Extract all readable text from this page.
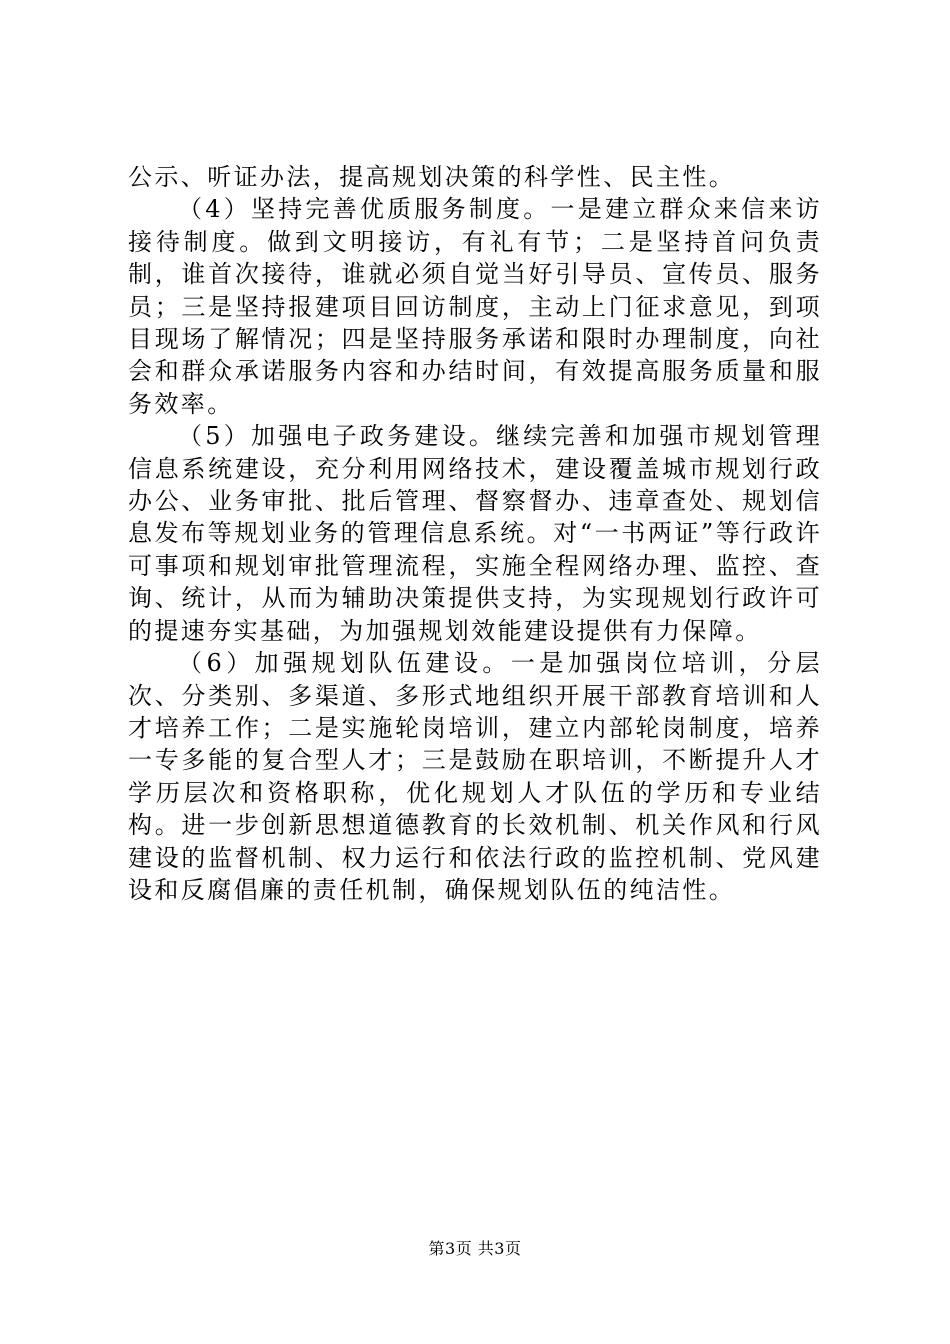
公示、听证办法，提高规划决策的科学性、民主性。

（4）坚持完善优质服务制度。一是建立群众来信来访接待制度。做到文明接访，有礼有节；二是坚持首问负责制，谁首次接待，谁就必须自觉当好引导员、宣传员、服务员；三是坚持报建项目回访制度，主动上门征求意见，到项目现场了解情况；四是坚持服务承诺和限时办理制度，向社会和群众承诺服务内容和办结时间，有效提高服务质量和服务效率。

（5）加强电子政务建设。继续完善和加强市规划管理信息系统建设，充分利用网络技术，建设覆盖城市规划行政办公、业务审批、批后管理、督察督办、违章查处、规划信息发布等规划业务的管理信息系统。对“一书两证”等行政许可事项和规划审批管理流程，实施全程网络办理、监控、查询、统计，从而为辅助决策提供支持，为实现规划行政许可的提速夯实基础，为加强规划效能建设提供有力保障。

（6）加强规划队伍建设。一是加强岗位培训，分层次、分类别、多渠道、多形式地组织开展干部教育培训和人才培养工作；二是实施轮岗培训，建立内部轮岗制度，培养一专多能的复合型人才；三是鼓励在职培训，不断提升人才学历层次和资格职称，优化规划人才队伍的学历和专业结构。进一步创新思想道德教育的长效机制、机关作风和行风建设的监督机制、权力运行和依法行政的监控机制、党风建设和反腐倡廉的责任机制，确保规划队伍的纯洁性。

第3页 共3页
